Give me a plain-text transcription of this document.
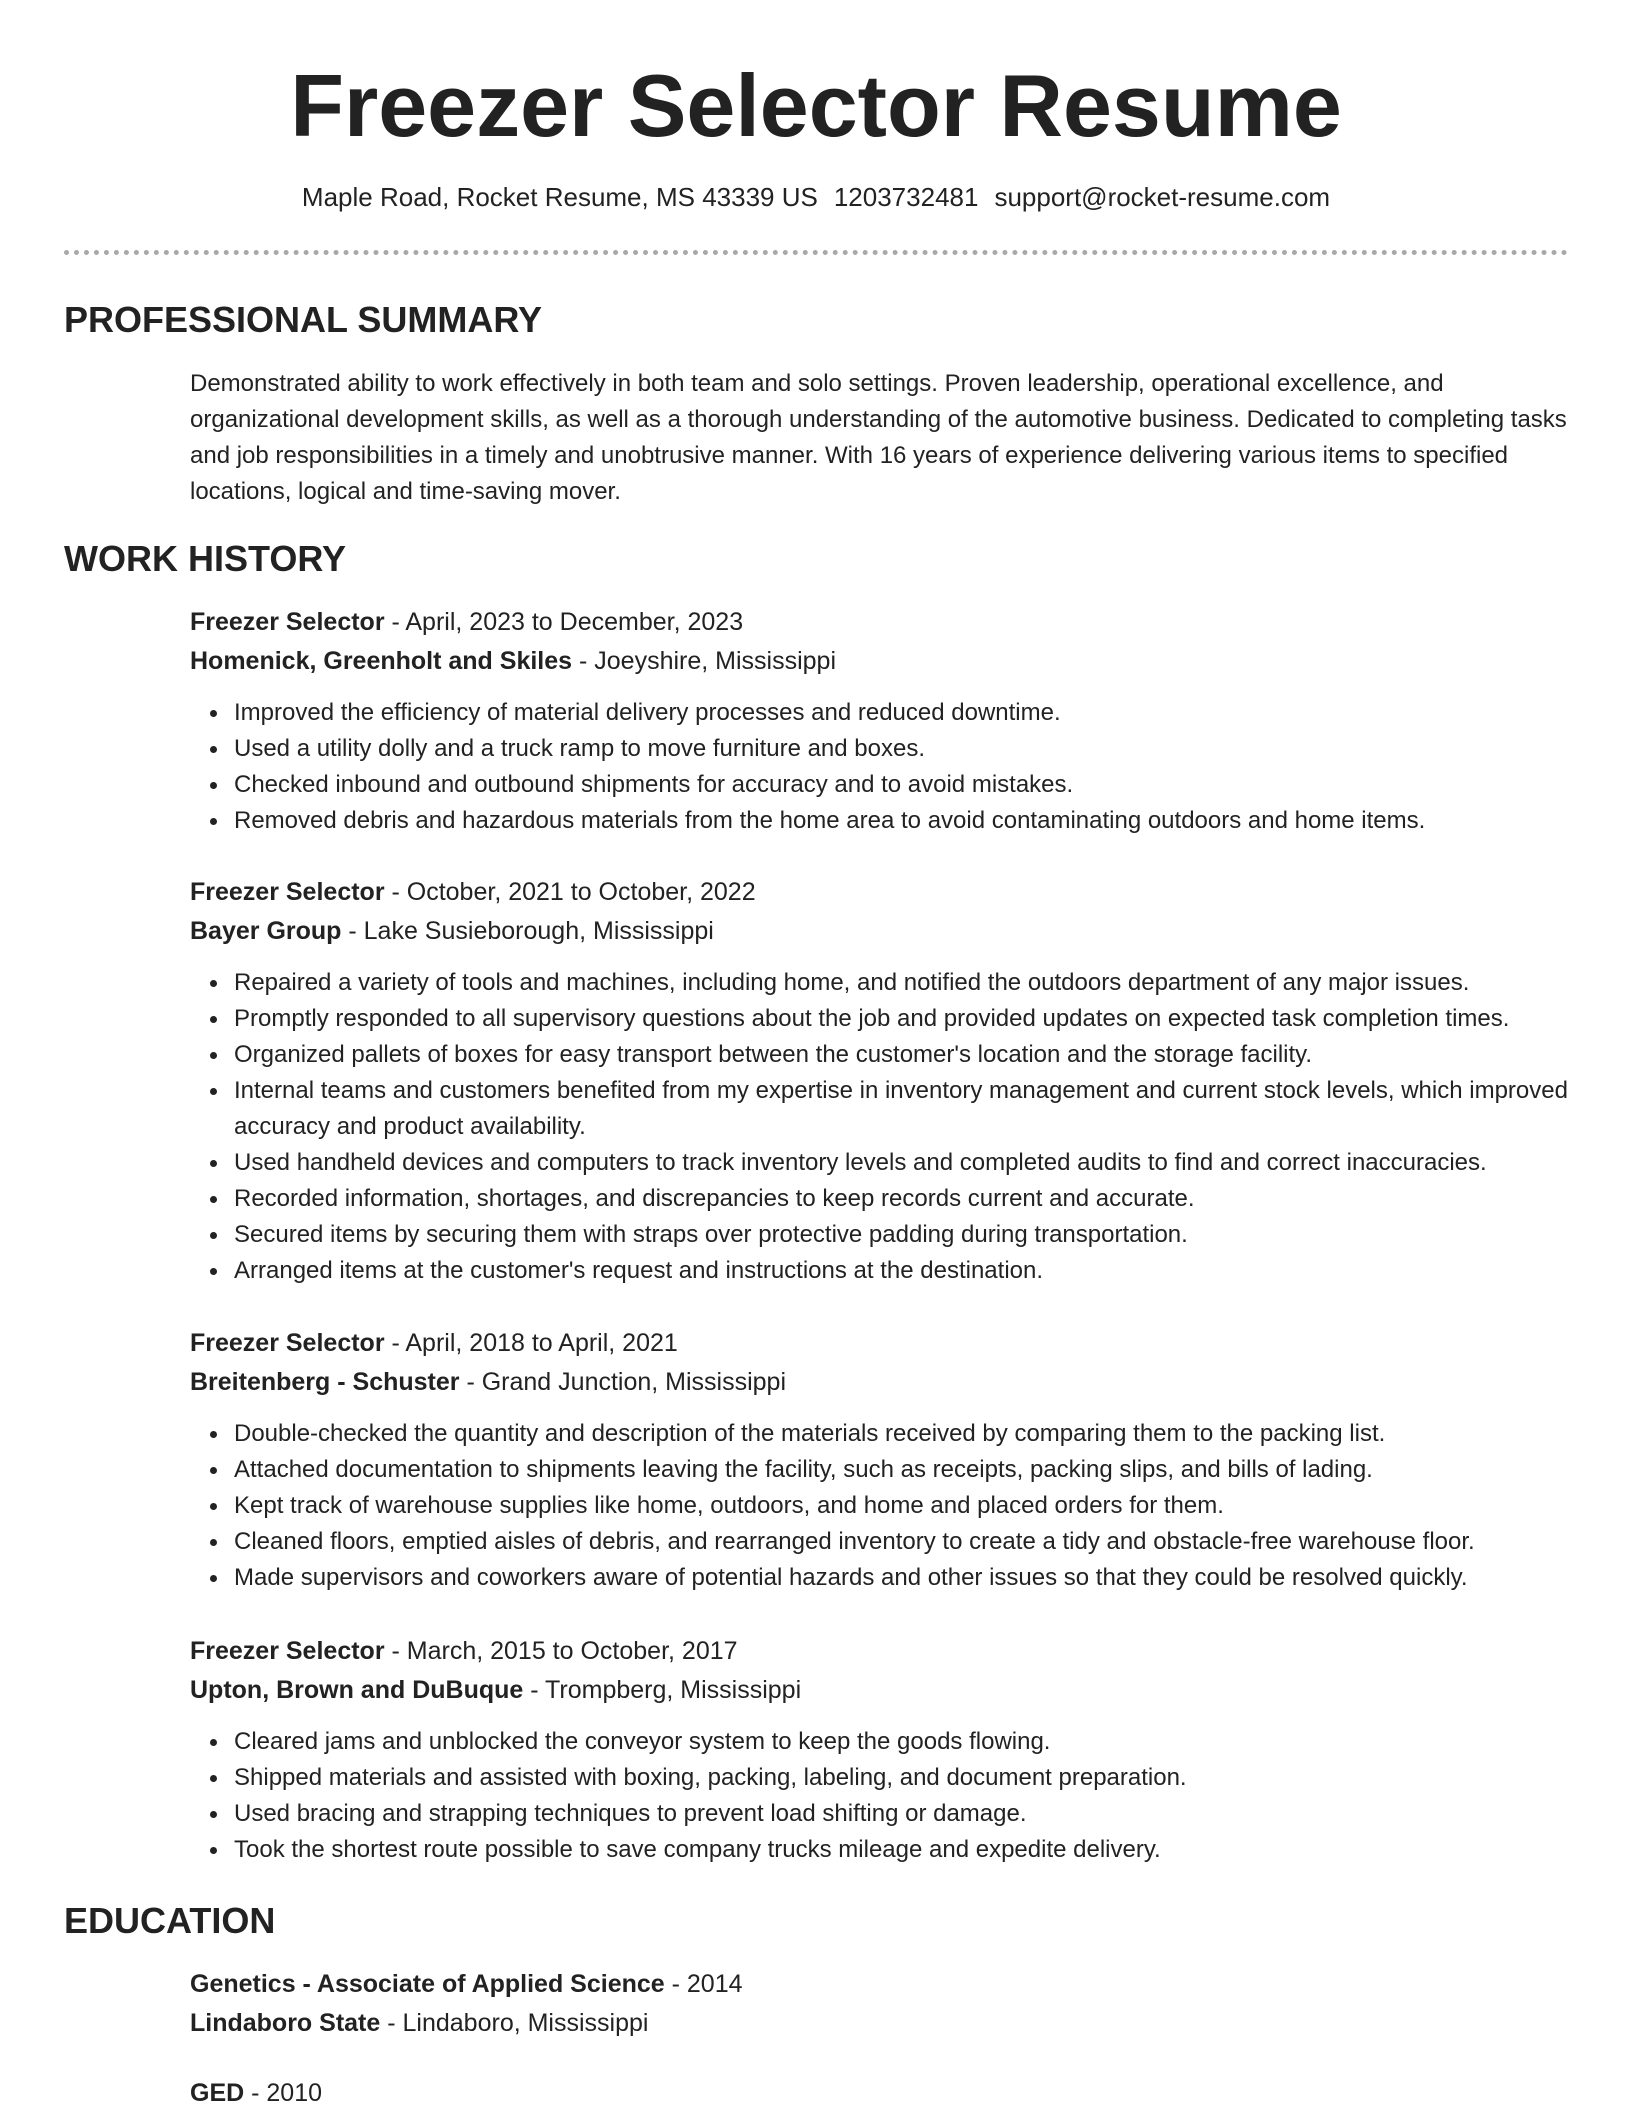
Freezer Selector Resume
Maple Road, Rocket Resume, MS 43339 US 1203732481 support@rocket-resume.com
PROFESSIONAL SUMMARY
Demonstrated ability to work effectively in both team and solo settings. Proven leadership, operational excellence, and organizational development skills, as well as a thorough understanding of the automotive business. Dedicated to completing tasks and job responsibilities in a timely and unobtrusive manner. With 16 years of experience delivering various items to specified locations, logical and time-saving mover.
WORK HISTORY
Freezer Selector - April, 2023 to December, 2023
Homenick, Greenholt and Skiles - Joeyshire, Mississippi
Improved the efficiency of material delivery processes and reduced downtime.
Used a utility dolly and a truck ramp to move furniture and boxes.
Checked inbound and outbound shipments for accuracy and to avoid mistakes.
Removed debris and hazardous materials from the home area to avoid contaminating outdoors and home items.
Freezer Selector - October, 2021 to October, 2022
Bayer Group - Lake Susieborough, Mississippi
Repaired a variety of tools and machines, including home, and notified the outdoors department of any major issues.
Promptly responded to all supervisory questions about the job and provided updates on expected task completion times.
Organized pallets of boxes for easy transport between the customer's location and the storage facility.
Internal teams and customers benefited from my expertise in inventory management and current stock levels, which improved accuracy and product availability.
Used handheld devices and computers to track inventory levels and completed audits to find and correct inaccuracies.
Recorded information, shortages, and discrepancies to keep records current and accurate.
Secured items by securing them with straps over protective padding during transportation.
Arranged items at the customer's request and instructions at the destination.
Freezer Selector - April, 2018 to April, 2021
Breitenberg - Schuster - Grand Junction, Mississippi
Double-checked the quantity and description of the materials received by comparing them to the packing list.
Attached documentation to shipments leaving the facility, such as receipts, packing slips, and bills of lading.
Kept track of warehouse supplies like home, outdoors, and home and placed orders for them.
Cleaned floors, emptied aisles of debris, and rearranged inventory to create a tidy and obstacle-free warehouse floor.
Made supervisors and coworkers aware of potential hazards and other issues so that they could be resolved quickly.
Freezer Selector - March, 2015 to October, 2017
Upton, Brown and DuBuque - Trompberg, Mississippi
Cleared jams and unblocked the conveyor system to keep the goods flowing.
Shipped materials and assisted with boxing, packing, labeling, and document preparation.
Used bracing and strapping techniques to prevent load shifting or damage.
Took the shortest route possible to save company trucks mileage and expedite delivery.
EDUCATION
Genetics - Associate of Applied Science - 2014
Lindaboro State - Lindaboro, Mississippi
GED - 2010
